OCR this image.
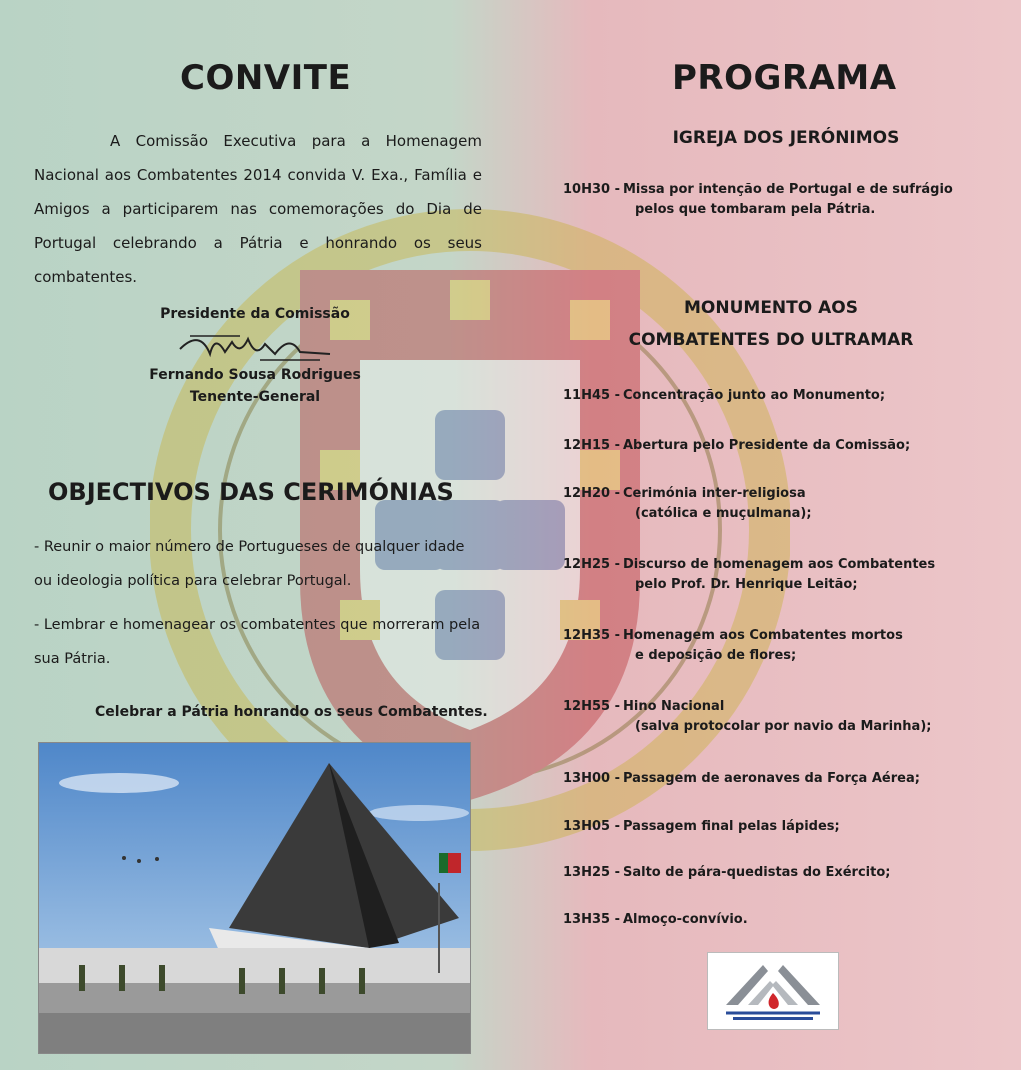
CONVITE

A Comissão Executiva para a Homenagem Nacional aos Combatentes 2014 convida V. Exa., Família e Amigos a participarem nas comemorações do Dia de Portugal celebrando a Pátria e honrando os seus combatentes.

Presidente da Comissão
Fernando Sousa Rodrigues
Tenente-General
OBJECTIVOS DAS CERIMÓNIAS

- Reunir o maior número de Portugueses de qualquer idade ou ideologia política para celebrar Portugal.

- Lembrar e homenagear os combatentes que morreram pela sua Pátria.

Celebrar a Pátria honrando os seus Combatentes.
PROGRAMA
IGREJA DOS JERÓNIMOS
MONUMENTO AOS
COMBATENTES DO ULTRAMAR
10H30 - Missa por intenção de Portugal e de sufrágio
pelos que tombaram pela Pátria.
11H45 - Concentração junto ao Monumento;
12H15 - Abertura pelo Presidente da Comissão;
12H20 - Cerimónia inter-religiosa
(católica e muçulmana);
12H25 - Discurso de homenagem aos Combatentes
pelo Prof. Dr. Henrique Leitão;
12H35 - Homenagem aos Combatentes mortos
e deposição de flores;
12H55 - Hino Nacional
(salva protocolar por navio da Marinha);
13H00 - Passagem de aeronaves da Força Aérea;
13H05 - Passagem final pelas lápides;
13H25 - Salto de pára-quedistas do Exército;
13H35 - Almoço-convívio.
